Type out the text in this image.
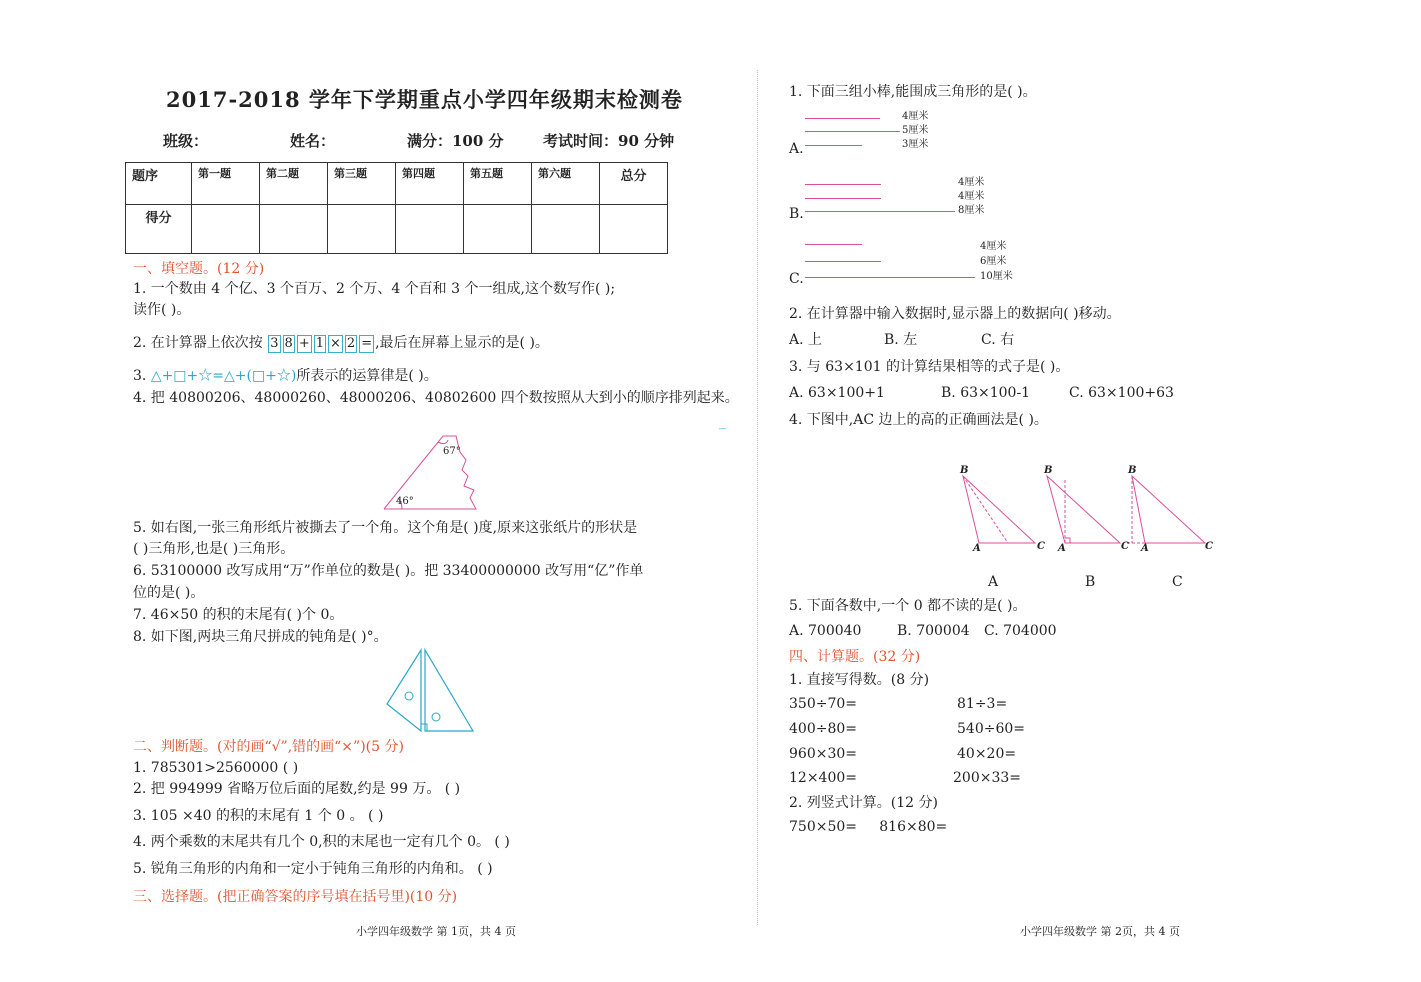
2017-2018 学年下学期重点小学四年级期末检测卷
班级：	姓名：	满分：100 分	考试时间：90 分钟
题序	第一题	第二题	第三题	第四题	第五题	第六题	总分
得分							
一、填空题。(12 分)
1. 一个数由 4 个亿、3 个百万、2 个万、4 个百和 3 个一组成,这个数写作( );
读作( )。
2. 在计算器上依次按 3 8 + 1 × 2 = ,最后在屏幕上显示的是( )。
3. △+□+☆=△+(□+☆)所表示的运算律是( )。
4. 把 40800206、48000260、48000206、40802600 四个数按照从大到小的顺序排列起来。
_
67°
46°
5. 如右图,一张三角形纸片被撕去了一个角。这个角是( )度,原来这张纸片的形状是
( )三角形,也是( )三角形。
6. 53100000 改写成用“万”作单位的数是( )。把 33400000000 改写用“亿”作单
位的是( )。
7. 46×50 的积的末尾有( )个 0。
8. 如下图,两块三角尺拼成的钝角是( )°。
二、判断题。(对的画“√”,错的画“×”)(5 分)
1. 785301>2560000 ( )
2. 把 994999 省略万位后面的尾数,约是 99 万。 ( )
3. 105 ×40 的积的末尾有 1 个 0 。 ( )
4. 两个乘数的末尾共有几个 0,积的末尾也一定有几个 0。 ( )
5. 锐角三角形的内角和一定小于钝角三角形的内角和。 ( )
三、选择题。(把正确答案的序号填在括号里)(10 分)
小学四年级数学 第 1页，共 4 页
1. 下面三组小棒,能围成三角形的是( )。
A.
4厘米
5厘米
3厘米
B.
4厘米
4厘米
8厘米
C.
4厘米
6厘米
10厘米
2. 在计算器中输入数据时,显示器上的数据向( )移动。
A. 上	B. 左	C. 右
3. 与 63×101 的计算结果相等的式子是( )。
A. 63×100+1	B. 63×100-1	C. 63×100+63
4. 下图中,AC 边上的高的正确画法是( )。
B
A	C
B
A	C
B
A	C
A	B	C
5. 下面各数中,一个 0 都不读的是( )。
A. 700040	B. 700004 C. 704000
四、计算题。(32 分)
1. 直接写得数。(8 分)
350÷70=	81÷3=
400÷80=	540÷60=
960×30=	40×20=
12×400=	200×33=
2. 列竖式计算。(12 分)
750×50=     816×80=
小学四年级数学 第 2页，共 4 页
